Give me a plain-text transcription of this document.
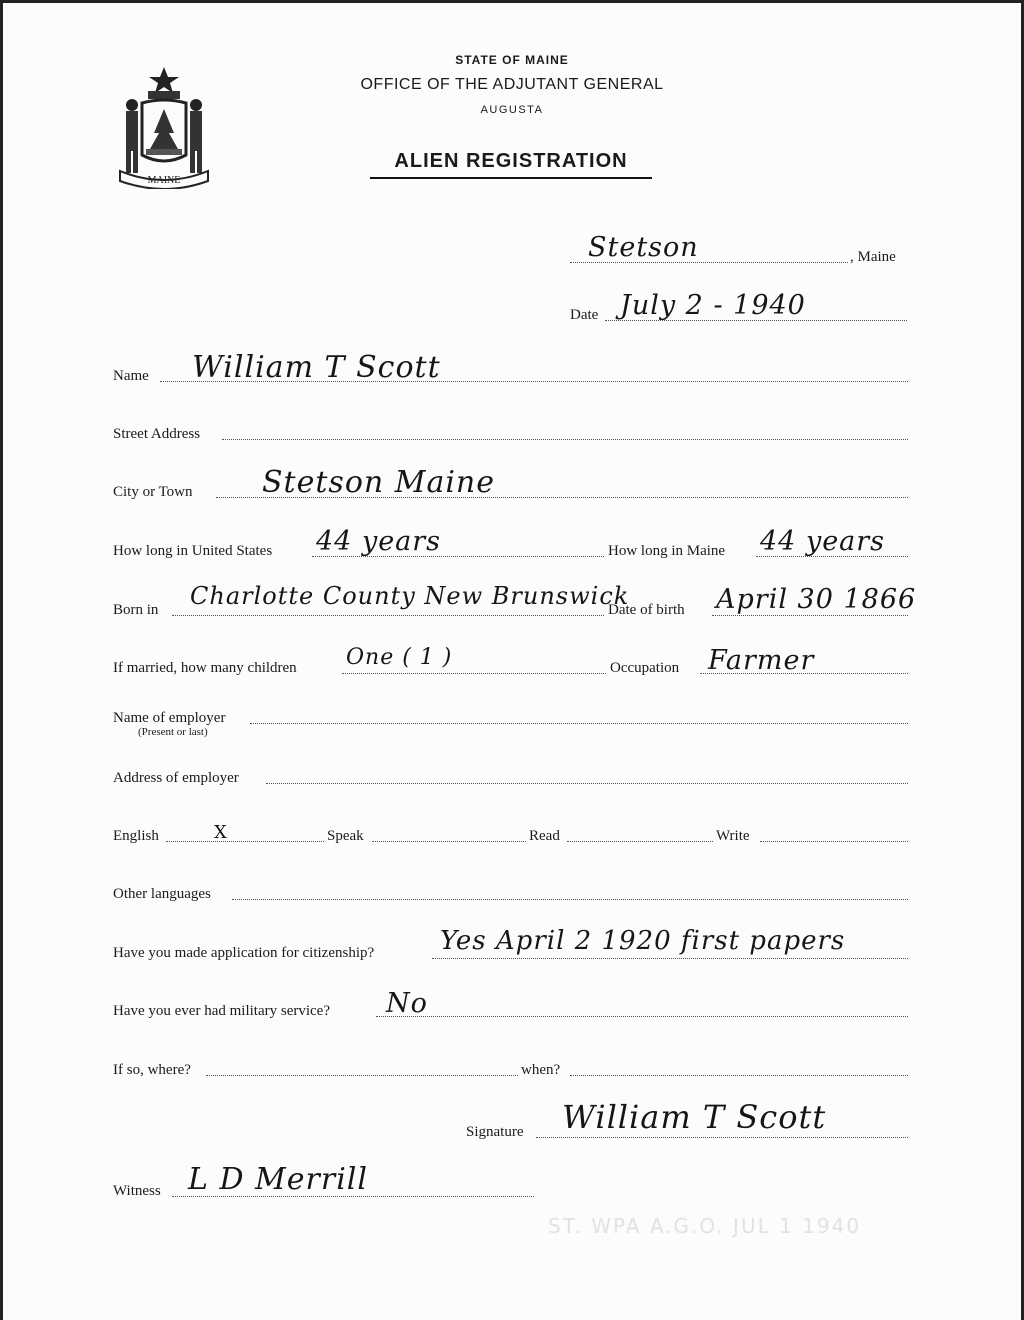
MAINE
STATE OF MAINE
OFFICE OF THE ADJUTANT GENERAL
AUGUSTA
ALIEN REGISTRATION
Stetson	, Maine
Date July 2 - 1940
Name William T Scott
Street Address
City or Town Stetson Maine
How long in United States 44 years	How long in Maine 44 years
Born in Charlotte County New Brunswick
Date of birth April 30 1866
If married, how many children One ( 1 )	Occupation Farmer
Name of employer
(Present or last)
Address of employer
English	X	Speak	Read	Write
Other languages
Have you made application for citizenship?	Yes April 2 1920 first papers
Have you ever had military service? No
If so, where?	when?
Signature William T Scott
Witness L D Merrill
ST. WPA A.G.O. JUL 1 1940
